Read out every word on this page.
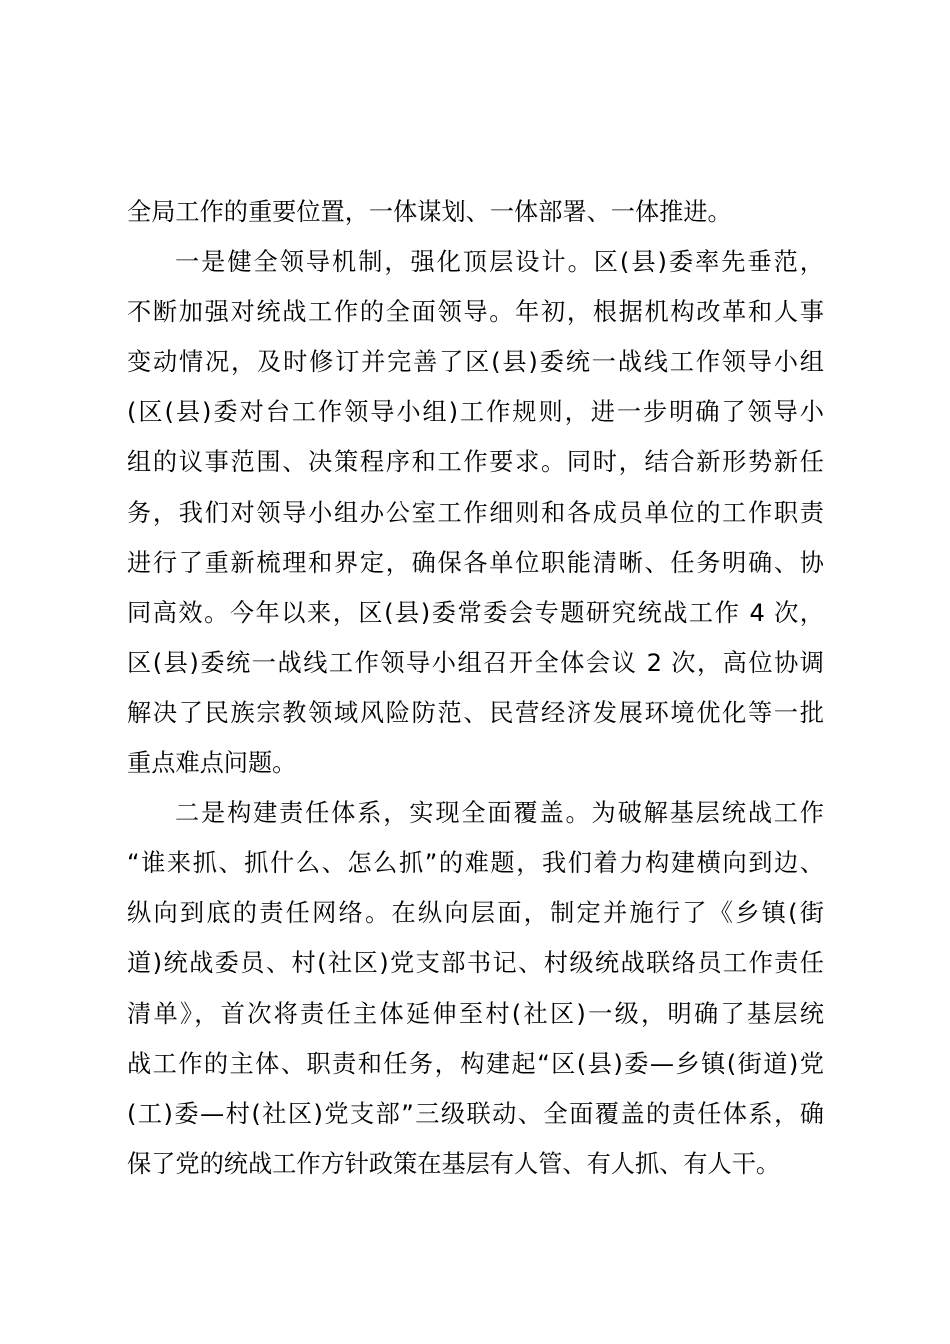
全局工作的重要位置，一体谋划、一体部署、一体推进。
一是健全领导机制，强化顶层设计。区(县)委率先垂范，
不断加强对统战工作的全面领导。年初，根据机构改革和人事
变动情况，及时修订并完善了区(县)委统一战线工作领导小组
(区(县)委对台工作领导小组)工作规则，进一步明确了领导小
组的议事范围、决策程序和工作要求。同时，结合新形势新任
务，我们对领导小组办公室工作细则和各成员单位的工作职责
进行了重新梳理和界定，确保各单位职能清晰、任务明确、协
同高效。今年以来，区(县)委常委会专题研究统战工作 4 次，
区(县)委统一战线工作领导小组召开全体会议 2 次，高位协调
解决了民族宗教领域风险防范、民营经济发展环境优化等一批
重点难点问题。
二是构建责任体系，实现全面覆盖。为破解基层统战工作
“谁来抓、抓什么、怎么抓”的难题，我们着力构建横向到边、
纵向到底的责任网络。在纵向层面，制定并施行了《乡镇(街
道)统战委员、村(社区)党支部书记、村级统战联络员工作责任
清单》，首次将责任主体延伸至村(社区)一级，明确了基层统
战工作的主体、职责和任务，构建起“区(县)委—乡镇(街道)党
(工)委—村(社区)党支部”三级联动、全面覆盖的责任体系，确
保了党的统战工作方针政策在基层有人管、有人抓、有人干。
